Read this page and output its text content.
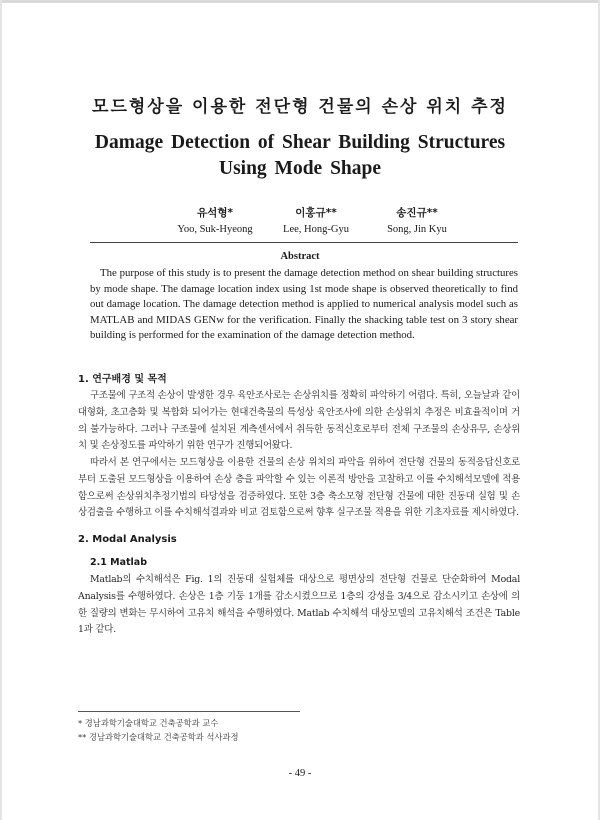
모드형상을 이용한 전단형 건물의 손상 위치 추정
Damage Detection of Shear Building Structures
Using Mode Shape
유석형*
Yoo, Suk-Hyeong
이홍규**
Lee, Hong-Gyu
송진규**
Song, Jin Kyu
Abstract
The purpose of this study is to present the damage detection method on shear building structures by mode shape. The damage location index using 1st mode shape is observed theoretically to find out damage location. The damage detection method is applied to numerical analysis model such as MATLAB and MIDAS GENw for the verification. Finally the shacking table test on 3 story shear building is performed for the examination of the damage detection method.
1. 연구배경 및 목적
구조물에 구조적 손상이 발생한 경우 육안조사로는 손상위치를 정확히 파악하기 어렵다. 특히, 오늘날과 같이 대형화, 초고층화 및 복합화 되어가는 현대건축물의 특성상 육안조사에 의한 손상위치 추정은 비효율적이며 거의 불가능하다. 그러나 구조물에 설치된 계측센서에서 취득한 동적신호로부터 전체 구조물의 손상유무, 손상위치 및 손상정도를 파악하기 위한 연구가 진행되어왔다.
따라서 본 연구에서는 모드형상을 이용한 건물의 손상 위치의 파악을 위하여 전단형 건물의 동적응답신호로부터 도출된 모드형상을 이용하여 손상 층을 파악할 수 있는 이론적 방안을 고찰하고 이를 수치해석모델에 적용함으로써 손상위치추정기법의 타당성을 검증하였다. 또한 3층 축소모형 전단형 건물에 대한 진동대 실험 및 손상검출을 수행하고 이를 수치해석결과와 비교 검토함으로써 향후 실구조물 적용을 위한 기초자료를 제시하였다.
2. Modal Analysis
2.1 Matlab
Matlab의 수치해석은 Fig. 1의 진동대 실험체를 대상으로 평면상의 전단형 건물로 단순화하여 Modal Analysis를 수행하였다. 손상은 1층 기둥 1개를 감소시켰으므로 1층의 강성을 3/4으로 감소시키고 손상에 의한 질량의 변화는 무시하여 고유치 해석을 수행하였다. Matlab 수치해석 대상모델의 고유치해석 조건은 Table 1과 같다.
* 경남과학기술대학교 건축공학과 교수
** 경남과학기술대학교 건축공학과 석사과정
- 49 -
